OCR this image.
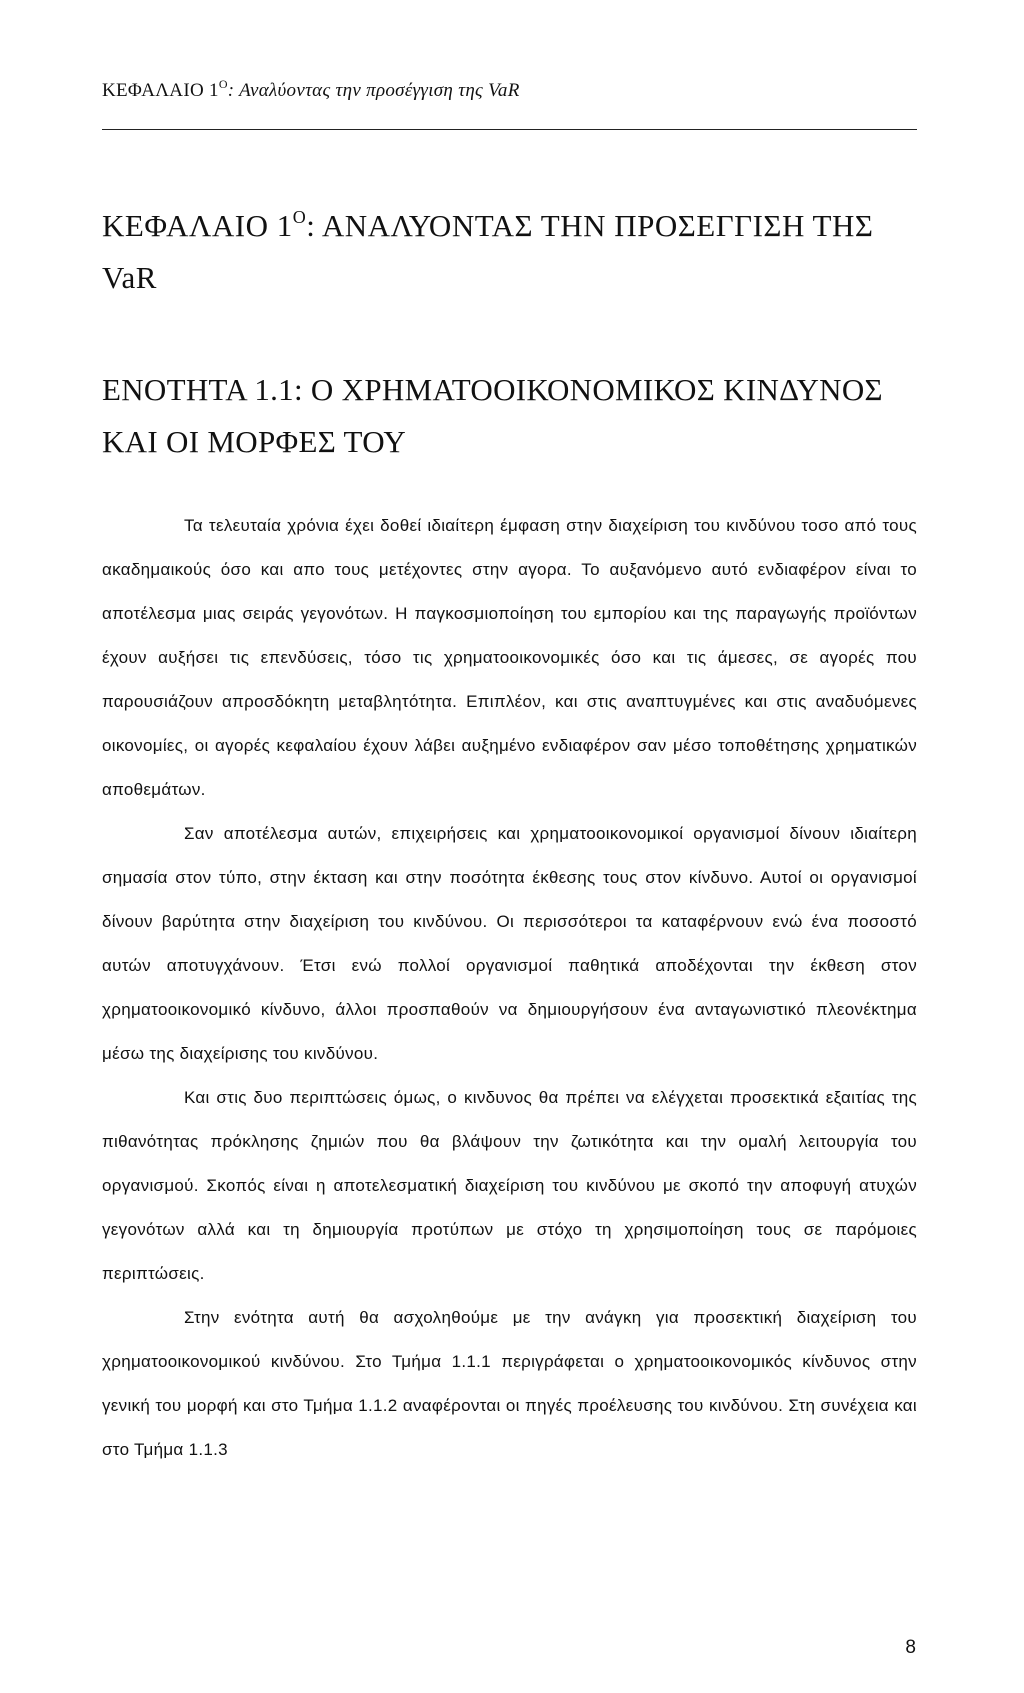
ΚΕΦΑΛΑΙΟ $1^O$: Αναλύοντας την προσέγγιση της VaR
ΚΕΦΑΛΑΙΟ $1^O$: ΑΝΑΛΥΟΝΤΑΣ ΤΗΝ ΠΡΟΣΕΓΓΙΣΗ ΤΗΣ VaR
ΕΝΟΤΗΤΑ 1.1: Ο ΧΡΗΜΑΤΟΟΙΚΟΝΟΜΙΚΟΣ ΚΙΝΔΥΝΟΣ ΚΑΙ ΟΙ ΜΟΡΦΕΣ ΤΟΥ

Τα τελευταία χρόνια έχει δοθεί ιδιαίτερη έμφαση στην διαχείριση του κινδύνου τοσο από τους ακαδημαικούς όσο και απο τους μετέχοντες στην αγορα. Το αυξανόμενο αυτό ενδιαφέρον είναι το αποτέλεσμα μιας σειράς γεγονότων. Η παγκοσμιοποίηση του εμπορίου και της παραγωγής προϊόντων έχουν αυξήσει τις επενδύσεις, τόσο τις χρηματοοικονομικές όσο και τις άμεσες, σε αγορές που παρουσιάζουν απροσδόκητη μεταβλητότητα. Επιπλέον, και στις αναπτυγμένες και στις αναδυόμενες οικονομίες, οι αγορές κεφαλαίου έχουν λάβει αυξημένο ενδιαφέρον σαν μέσο τοποθέτησης χρηματικών αποθεμάτων.

Σαν αποτέλεσμα αυτών, επιχειρήσεις και χρηματοοικονομικοί οργανισμοί δίνουν ιδιαίτερη σημασία στον τύπο, στην έκταση και στην ποσότητα έκθεσης τους στον κίνδυνο. Αυτοί οι οργανισμοί δίνουν βαρύτητα στην διαχείριση του κινδύνου. Οι περισσότεροι τα καταφέρνουν ενώ ένα ποσοστό αυτών αποτυγχάνουν. Έτσι ενώ πολλοί οργανισμοί παθητικά αποδέχονται την έκθεση στον χρηματοοικονομικό κίνδυνο, άλλοι προσπαθούν να δημιουργήσουν ένα ανταγωνιστικό πλεονέκτημα μέσω της διαχείρισης του κινδύνου.

Και στις δυο περιπτώσεις όμως, ο κινδυνος θα πρέπει να ελέγχεται προσεκτικά εξαιτίας της πιθανότητας πρόκλησης ζημιών που θα βλάψουν την ζωτικότητα και την ομαλή λειτουργία του οργανισμού. Σκοπός είναι η αποτελεσματική διαχείριση του κινδύνου με σκοπό την αποφυγή ατυχών γεγονότων αλλά και τη δημιουργία προτύπων με στόχο τη χρησιμοποίηση τους σε παρόμοιες περιπτώσεις.

Στην ενότητα αυτή θα ασχοληθούμε με την ανάγκη για προσεκτική διαχείριση του χρηματοοικονομικού κινδύνου. Στο Τμήμα 1.1.1 περιγράφεται ο χρηματοοικονομικός κίνδυνος στην γενική του μορφή και στο Τμήμα 1.1.2 αναφέρονται οι πηγές προέλευσης του κινδύνου. Στη συνέχεια και στο Τμήμα 1.1.3

8
